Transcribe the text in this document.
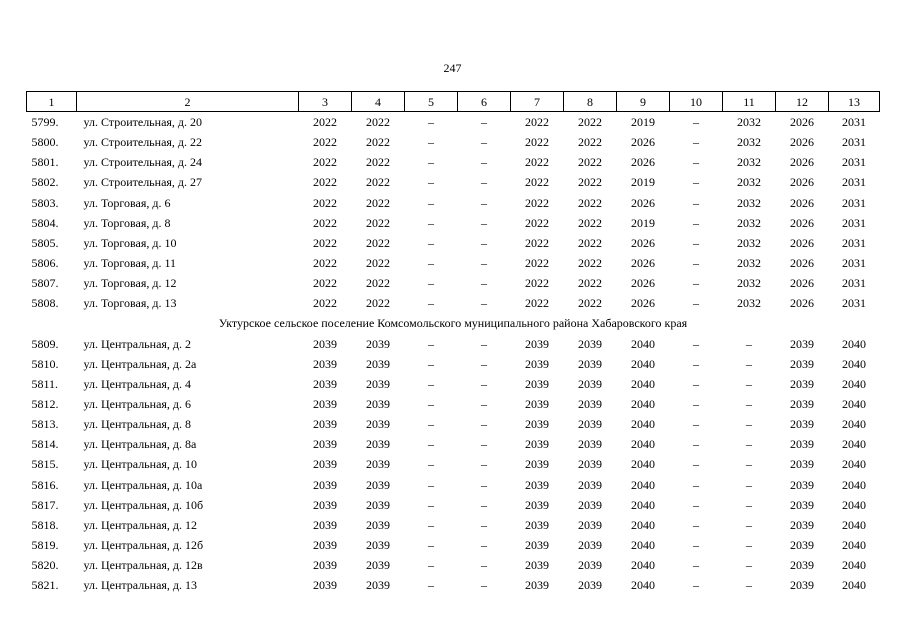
247
1	2	3	4	5	6	7	8	9	10	11	12	13
5799.	ул. Строительная, д. 20	2022	2022	–	–	2022	2022	2019	–	2032	2026	2031
5800.	ул. Строительная, д. 22	2022	2022	–	–	2022	2022	2026	–	2032	2026	2031
5801.	ул. Строительная, д. 24	2022	2022	–	–	2022	2022	2026	–	2032	2026	2031
5802.	ул. Строительная, д. 27	2022	2022	–	–	2022	2022	2019	–	2032	2026	2031
5803.	ул. Торговая, д. 6	2022	2022	–	–	2022	2022	2026	–	2032	2026	2031
5804.	ул. Торговая, д. 8	2022	2022	–	–	2022	2022	2019	–	2032	2026	2031
5805.	ул. Торговая, д. 10	2022	2022	–	–	2022	2022	2026	–	2032	2026	2031
5806.	ул. Торговая, д. 11	2022	2022	–	–	2022	2022	2026	–	2032	2026	2031
5807.	ул. Торговая, д. 12	2022	2022	–	–	2022	2022	2026	–	2032	2026	2031
5808.	ул. Торговая, д. 13	2022	2022	–	–	2022	2022	2026	–	2032	2026	2031
Уктурское сельское поселение Комсомольского муниципального района Хабаровского края												
5809.	ул. Центральная, д. 2	2039	2039	–	–	2039	2039	2040	–	–	2039	2040
5810.	ул. Центральная, д. 2а	2039	2039	–	–	2039	2039	2040	–	–	2039	2040
5811.	ул. Центральная, д. 4	2039	2039	–	–	2039	2039	2040	–	–	2039	2040
5812.	ул. Центральная, д. 6	2039	2039	–	–	2039	2039	2040	–	–	2039	2040
5813.	ул. Центральная, д. 8	2039	2039	–	–	2039	2039	2040	–	–	2039	2040
5814.	ул. Центральная, д. 8а	2039	2039	–	–	2039	2039	2040	–	–	2039	2040
5815.	ул. Центральная, д. 10	2039	2039	–	–	2039	2039	2040	–	–	2039	2040
5816.	ул. Центральная, д. 10а	2039	2039	–	–	2039	2039	2040	–	–	2039	2040
5817.	ул. Центральная, д. 10б	2039	2039	–	–	2039	2039	2040	–	–	2039	2040
5818.	ул. Центральная, д. 12	2039	2039	–	–	2039	2039	2040	–	–	2039	2040
5819.	ул. Центральная, д. 12б	2039	2039	–	–	2039	2039	2040	–	–	2039	2040
5820.	ул. Центральная, д. 12в	2039	2039	–	–	2039	2039	2040	–	–	2039	2040
5821.	ул. Центральная, д. 13	2039	2039	–	–	2039	2039	2040	–	–	2039	2040
